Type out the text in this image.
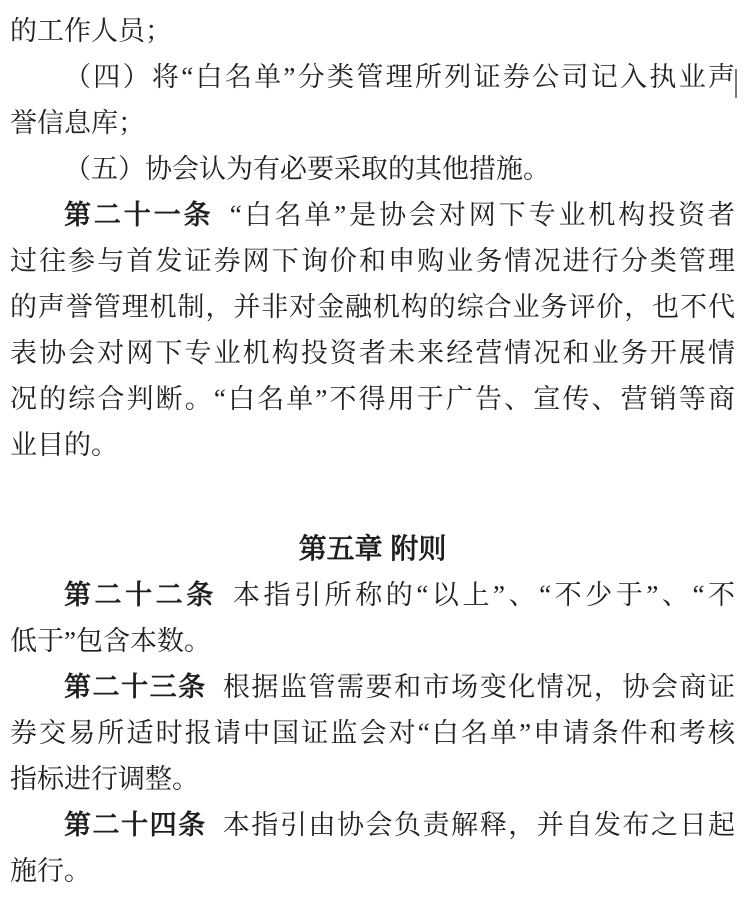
的工作人员；
（四）将“白名单”分类管理所列证券公司记入执业声
誉信息库；
（五）协会认为有必要采取的其他措施。
第二十一条 “白名单”是协会对网下专业机构投资者
过往参与首发证券网下询价和申购业务情况进行分类管理
的声誉管理机制，并非对金融机构的综合业务评价，也不代
表协会对网下专业机构投资者未来经营情况和业务开展情
况的综合判断。“白名单”不得用于广告、宣传、营销等商
业目的。
第五章 附则
第二十二条 本指引所称的“以上”、“不少于”、“不
低于”包含本数。
第二十三条 根据监管需要和市场变化情况，协会商证
券交易所适时报请中国证监会对“白名单”申请条件和考核
指标进行调整。
第二十四条 本指引由协会负责解释，并自发布之日起
施行。
